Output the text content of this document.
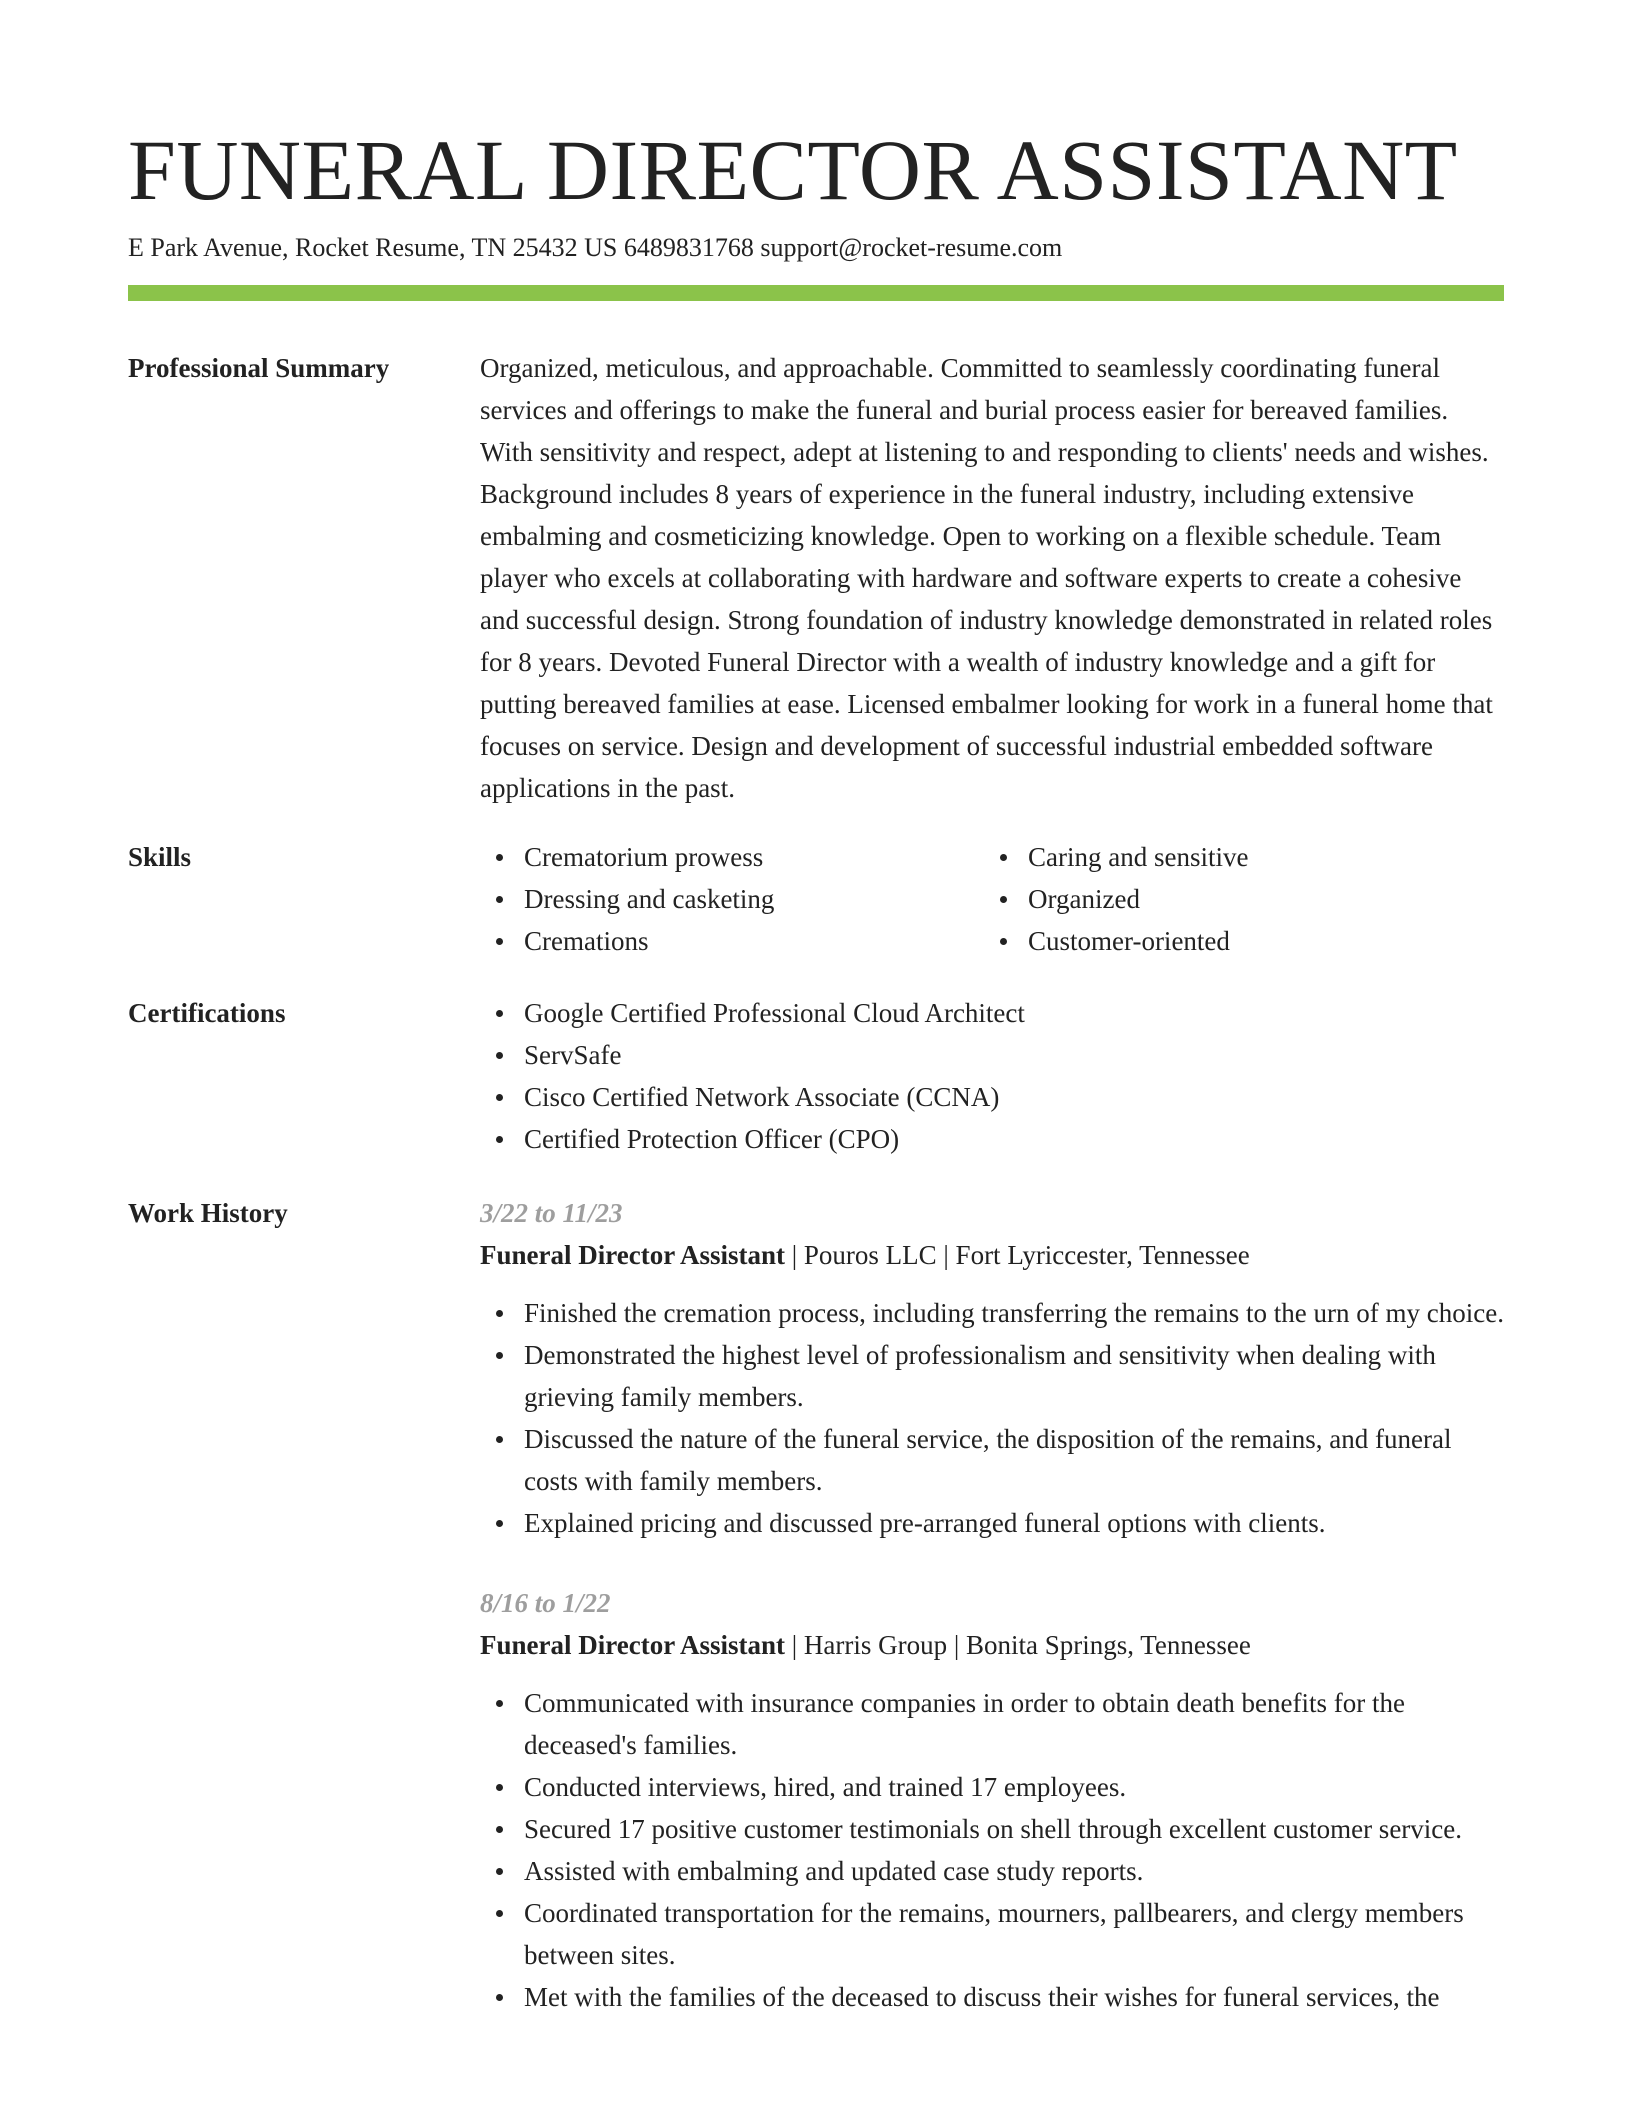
FUNERAL DIRECTOR ASSISTANT
E Park Avenue, Rocket Resume, TN 25432 US 6489831768 support@rocket-resume.com
Professional Summary	Organized, meticulous, and approachable. Committed to seamlessly coordinating funeral services and offerings to make the funeral and burial process easier for bereaved families. With sensitivity and respect, adept at listening to and responding to clients' needs and wishes. Background includes 8 years of experience in the funeral industry, including extensive embalming and cosmeticizing knowledge. Open to working on a flexible schedule. Team player who excels at collaborating with hardware and software experts to create a cohesive and successful design. Strong foundation of industry knowledge demonstrated in related roles for 8 years. Devoted Funeral Director with a wealth of industry knowledge and a gift for putting bereaved families at ease. Licensed embalmer looking for work in a funeral home that focuses on service. Design and development of successful industrial embedded software applications in the past.

Skills	Crematorium prowess
Dressing and casketing
Cremations
Caring and sensitive
Organized
Customer-oriented
Certifications	Google Certified Professional Cloud Architect
ServSafe
Cisco Certified Network Associate (CCNA)
Certified Protection Officer (CPO)
Work History	3/22 to 11/23
Funeral Director Assistant | Pouros LLC | Fort Lyriccester, Tennessee
Finished the cremation process, including transferring the remains to the urn of my choice.
Demonstrated the highest level of professionalism and sensitivity when dealing with grieving family members.
Discussed the nature of the funeral service, the disposition of the remains, and funeral costs with family members.
Explained pricing and discussed pre-arranged funeral options with clients.
8/16 to 1/22
Funeral Director Assistant | Harris Group | Bonita Springs, Tennessee
Communicated with insurance companies in order to obtain death benefits for the deceased's families.
Conducted interviews, hired, and trained 17 employees.
Secured 17 positive customer testimonials on shell through excellent customer service.
Assisted with embalming and updated case study reports.
Coordinated transportation for the remains, mourners, pallbearers, and clergy members between sites.
Met with the families of the deceased to discuss their wishes for funeral services, the
